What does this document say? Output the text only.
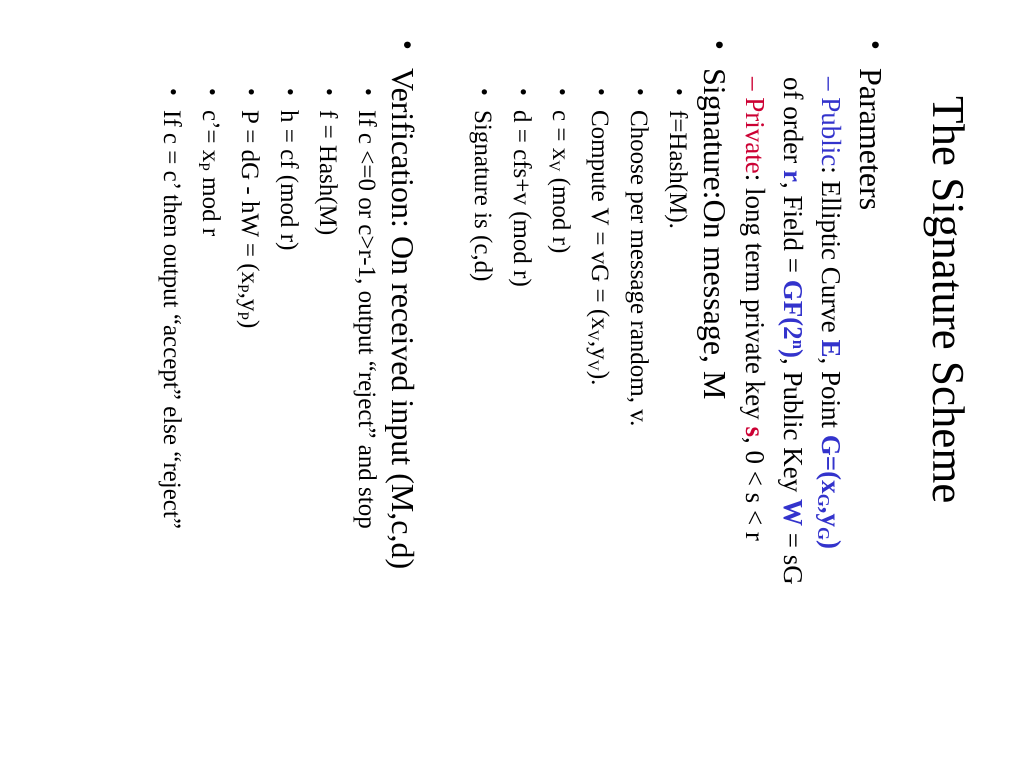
The Signature Scheme
•
Parameters
– Public: Elliptic Curve E, Point $G=(x_G,y_G)$
of order r, Field = $GF(2^n)$, Public Key W = sG
– Private: long term private key s, 0 < s < r
•
Signature:On message, M
•
f=Hash(M).
•
Choose per message random, v.
•
Compute V = vG = $(x_V,y_V)$.
•
$c = x_V$ (mod r)
•
d = cfs+v (mod r)
•
Signature is (c,d)
•
Verification: On received input (M,c,d)
•
If c <=0 or c>r-1, output “reject” and stop
•
f = Hash(M)
•
h = cf (mod r)
•
P = dG - hW = $(x_P,y_P)$
•
c’= $x_P$ mod r
•
If c = c’ then output “accept” else “reject”
